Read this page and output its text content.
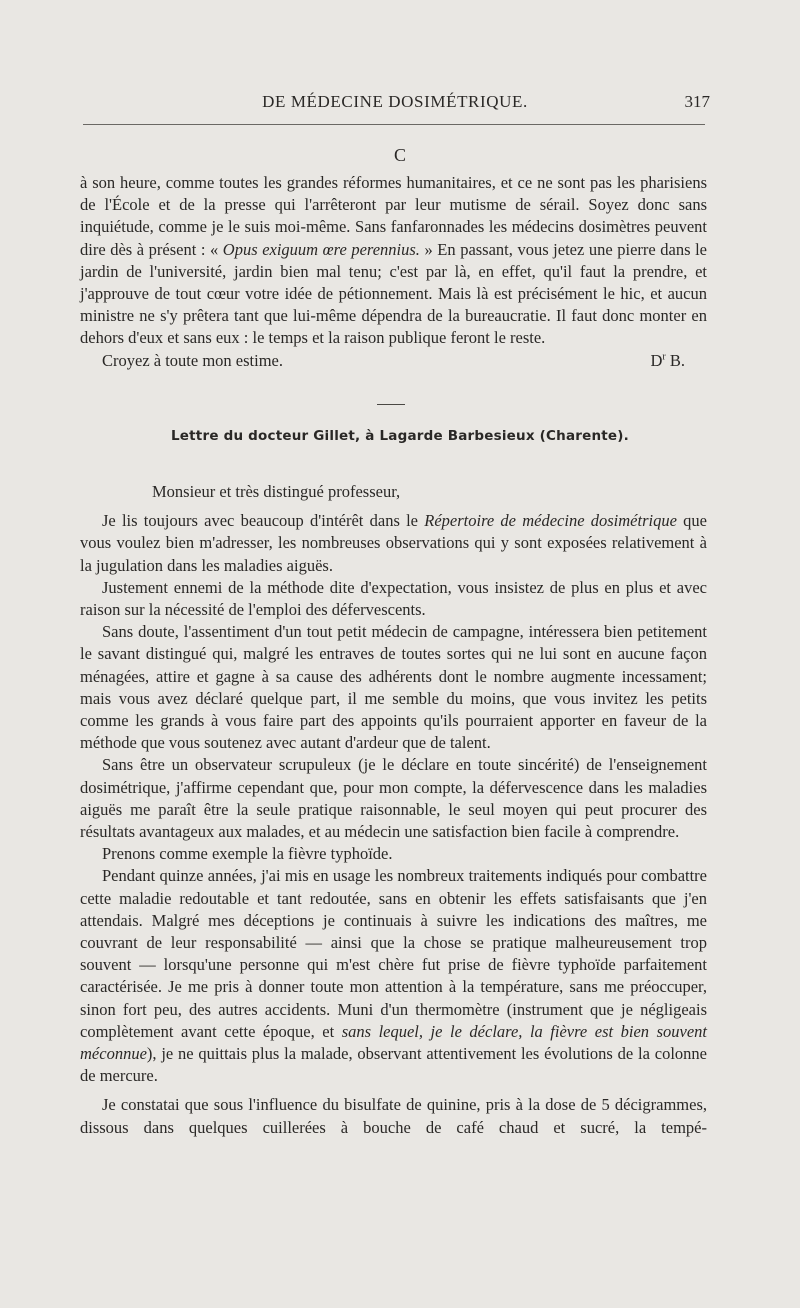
DE MÉDECINE DOSIMÉTRIQUE.	317
C

à son heure, comme toutes les grandes réformes humanitaires, et ce ne sont pas les pharisiens de l'École et de la presse qui l'arrêteront par leur mutisme de sérail. Soyez donc sans inquiétude, comme je le suis moi-même. Sans fanfaronnades les médecins dosimètres peuvent dire dès à présent : « Opus exiguum œre perennius. » En passant, vous jetez une pierre dans le jardin de l'université, jardin bien mal tenu; c'est par là, en effet, qu'il faut la prendre, et j'approuve de tout cœur votre idée de pétionnement. Mais là est précisément le hic, et aucun ministre ne s'y prêtera tant que lui-même dépendra de la bureaucratie. Il faut donc monter en dehors d'eux et sans eux : le temps et la raison publique feront le reste.

Croyez à toute mon estime.	$D^r$ B.
Lettre du docteur Gillet, à Lagarde Barbesieux (Charente).

Monsieur et très distingué professeur,

Je lis toujours avec beaucoup d'intérêt dans le Répertoire de médecine dosimétrique que vous voulez bien m'adresser, les nombreuses observations qui y sont exposées relativement à la jugulation dans les maladies aiguës.

Justement ennemi de la méthode dite d'expectation, vous insistez de plus en plus et avec raison sur la nécessité de l'emploi des défervescents.

Sans doute, l'assentiment d'un tout petit médecin de campagne, intéressera bien petitement le savant distingué qui, malgré les entraves de toutes sortes qui ne lui sont en aucune façon ménagées, attire et gagne à sa cause des adhérents dont le nombre augmente incessament; mais vous avez déclaré quelque part, il me semble du moins, que vous invitez les petits comme les grands à vous faire part des appoints qu'ils pourraient apporter en faveur de la méthode que vous soutenez avec autant d'ardeur que de talent.

Sans être un observateur scrupuleux (je le déclare en toute sincérité) de l'enseignement dosimétrique, j'affirme cependant que, pour mon compte, la défervescence dans les maladies aiguës me paraît être la seule pratique raisonnable, le seul moyen qui peut procurer des résultats avantageux aux malades, et au médecin une satisfaction bien facile à comprendre.

Prenons comme exemple la fièvre typhoïde.

Pendant quinze années, j'ai mis en usage les nombreux traitements indiqués pour combattre cette maladie redoutable et tant redoutée, sans en obtenir les effets satisfaisants que j'en attendais. Malgré mes déceptions je continuais à suivre les indications des maîtres, me couvrant de leur responsabilité — ainsi que la chose se pratique malheureusement trop souvent — lorsqu'une personne qui m'est chère fut prise de fièvre typhoïde parfaitement caractérisée. Je me pris à donner toute mon attention à la température, sans me préoccuper, sinon fort peu, des autres accidents. Muni d'un thermomètre (instrument que je négligeais complètement avant cette époque, et sans lequel, je le déclare, la fièvre est bien souvent méconnue), je ne quittais plus la malade, observant attentivement les évolutions de la colonne de mercure.

Je constatai que sous l'influence du bisulfate de quinine, pris à la dose de 5 décigrammes, dissous dans quelques cuillerées à bouche de café chaud et sucré, la tempé-
